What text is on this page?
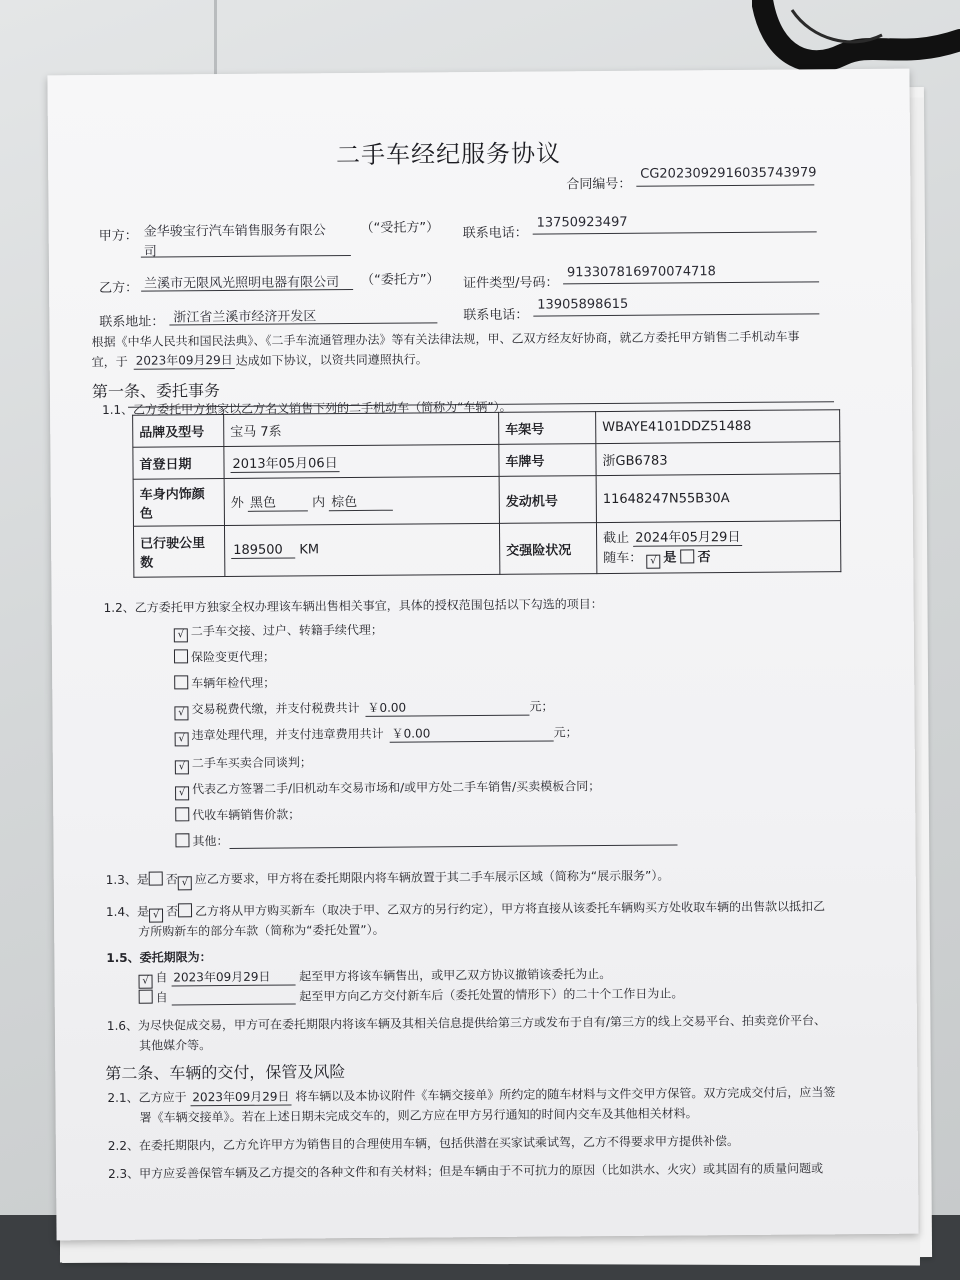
二手车经纪服务协议
合同编号：
CG2023092916035743979
甲方： 金华骏宝行汽车销售服务有限公
司
（“受托方”） 联系电话：
13750923497
乙方： 兰溪市无限风光照明电器有限公司 （“委托方”） 证件类型/号码：
913307816970074718
联系地址： 浙江省兰溪市经济开发区	联系电话：
13905898615
根据《中华人民共和国民法典》、《二手车流通管理办法》等有关法律法规，甲、乙双方经友好协商，就乙方委托甲方销售二手机动车事
宜，于 2023年09月29日 达成如下协议，以资共同遵照执行。
第一条、委托事务
1.1、乙方委托甲方独家以乙方名义销售下列的二手机动车（简称为“车辆”）。
品牌及型号	宝马 7系	车架号	WBAYE4101DDZ51488
首登日期	2013年05月06日	车牌号	浙GB6783
车身内饰颜
色	外 黑色 内 棕色	发动机号	11648247N55B30A
已行驶公里
数	189500 KM	交强险状况	截止 2024年05月29日
随车： √ 是 否
1.2、乙方委托甲方独家全权办理该车辆出售相关事宜，具体的授权范围包括以下勾选的项目：
√ 二手车交接、过户、转籍手续代理；
保险变更代理；
车辆年检代理；
√ 交易税费代缴，并支付税费共计 ￥0.00	元；
√ 违章处理代理，并支付违章费用共计 ￥0.00	元；
√ 二手车买卖合同谈判；
√ 代表乙方签署二手/旧机动车交易市场和/或甲方处二手车销售/买卖模板合同；
代收车辆销售价款；
其他：
1.3、是 否 √ 应乙方要求，甲方将在委托期限内将车辆放置于其二手车展示区域（简称为“展示服务”）。
1.4、是 √ 否 乙方将从甲方购买新车（取决于甲、乙双方的另行约定），甲方将直接从该委托车辆购买方处收取车辆的出售款以抵扣乙
方所购新车的部分车款（简称为“委托处置”）。
1.5、委托期限为：
√ 自 2023年09月29日 起至甲方将该车辆售出，或甲乙双方协议撤销该委托为止。
自	起至甲方向乙方交付新车后（委托处置的情形下）的二十个工作日为止。
1.6、为尽快促成交易，甲方可在委托期限内将该车辆及其相关信息提供给第三方或发布于自有/第三方的线上交易平台、拍卖竞价平台、
其他媒介等。
第二条、车辆的交付，保管及风险
2.1、乙方应于 2023年09月29日 将车辆以及本协议附件《车辆交接单》所约定的随车材料与文件交甲方保管。双方完成交付后，应当签
署《车辆交接单》。若在上述日期未完成交车的，则乙方应在甲方另行通知的时间内交车及其他相关材料。
2.2、在委托期限内，乙方允许甲方为销售目的合理使用车辆，包括供潜在买家试乘试驾，乙方不得要求甲方提供补偿。
2.3、甲方应妥善保管车辆及乙方提交的各种文件和有关材料；但是车辆由于不可抗力的原因（比如洪水、火灾）或其固有的质量问题或
